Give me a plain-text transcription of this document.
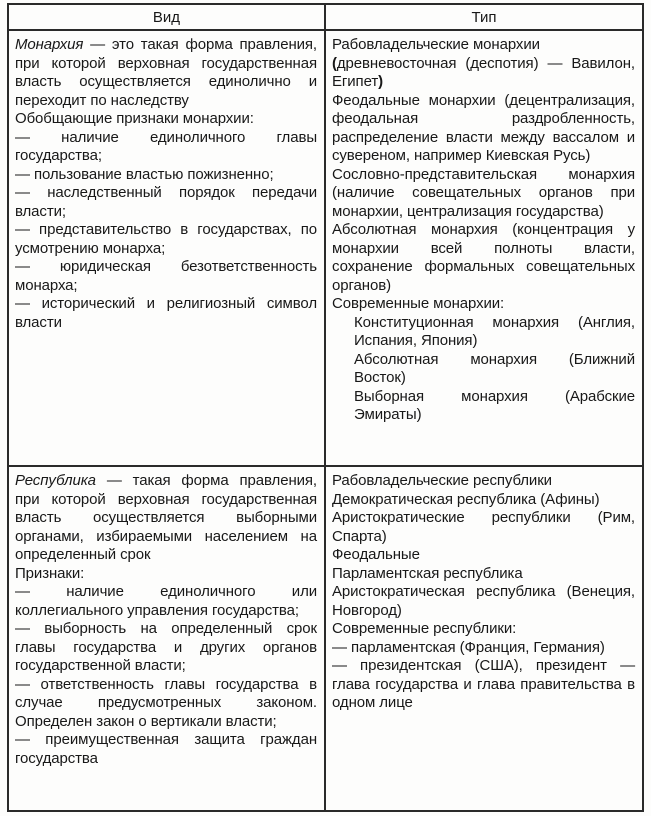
Вид	Тип
Монархия — это такая форма правления, при которой верховная государственная власть осуществляется единолично и переходит по наследству
Обобщающие признаки монархии:
— наличие единоличного главы государства;
— пользование властью пожизненно;
— наследственный порядок передачи власти;
— представительство в государствах, по усмотрению монарха;
— юридическая безответственность монарха;
— исторический и религиозный символ власти
Рабовладельческие монархии
(древневосточная (деспотия) — Вавилон, Египет)
Феодальные монархии (децентрализация, феодальная раздробленность, распределение власти между вассалом и сувереном, например Киевская Русь)
Сословно-представительская монархия (наличие совещательных органов при монархии, централизация государства)
Абсолютная монархия (концентрация у монархии всей полноты власти, сохранение формальных совещательных органов)
Современные монархии:
Конституционная монархия (Англия, Испания, Япония)
Абсолютная монархия (Ближний Восток)
Выборная монархия (Арабские Эмираты)
Республика — такая форма правления, при которой верховная государственная власть осуществляется выборными органами, избираемыми населением на определенный срок
Признаки:
— наличие единоличного или коллегиального управления государства;
— выборность на определенный срок главы государства и других органов государственной власти;
— ответственность главы государства в случае предусмотренных законом. Определен закон о вертикали власти;
— преимущественная защита граждан государства
Рабовладельческие республики
Демократическая республика (Афины)
Аристократические республики (Рим, Спарта)
Феодальные
Парламентская республика
Аристократическая республика (Венеция, Новгород)
Современные республики:
— парламентская (Франция, Германия)
— президентская (США), президент — глава государства и глава правительства в одном лице
